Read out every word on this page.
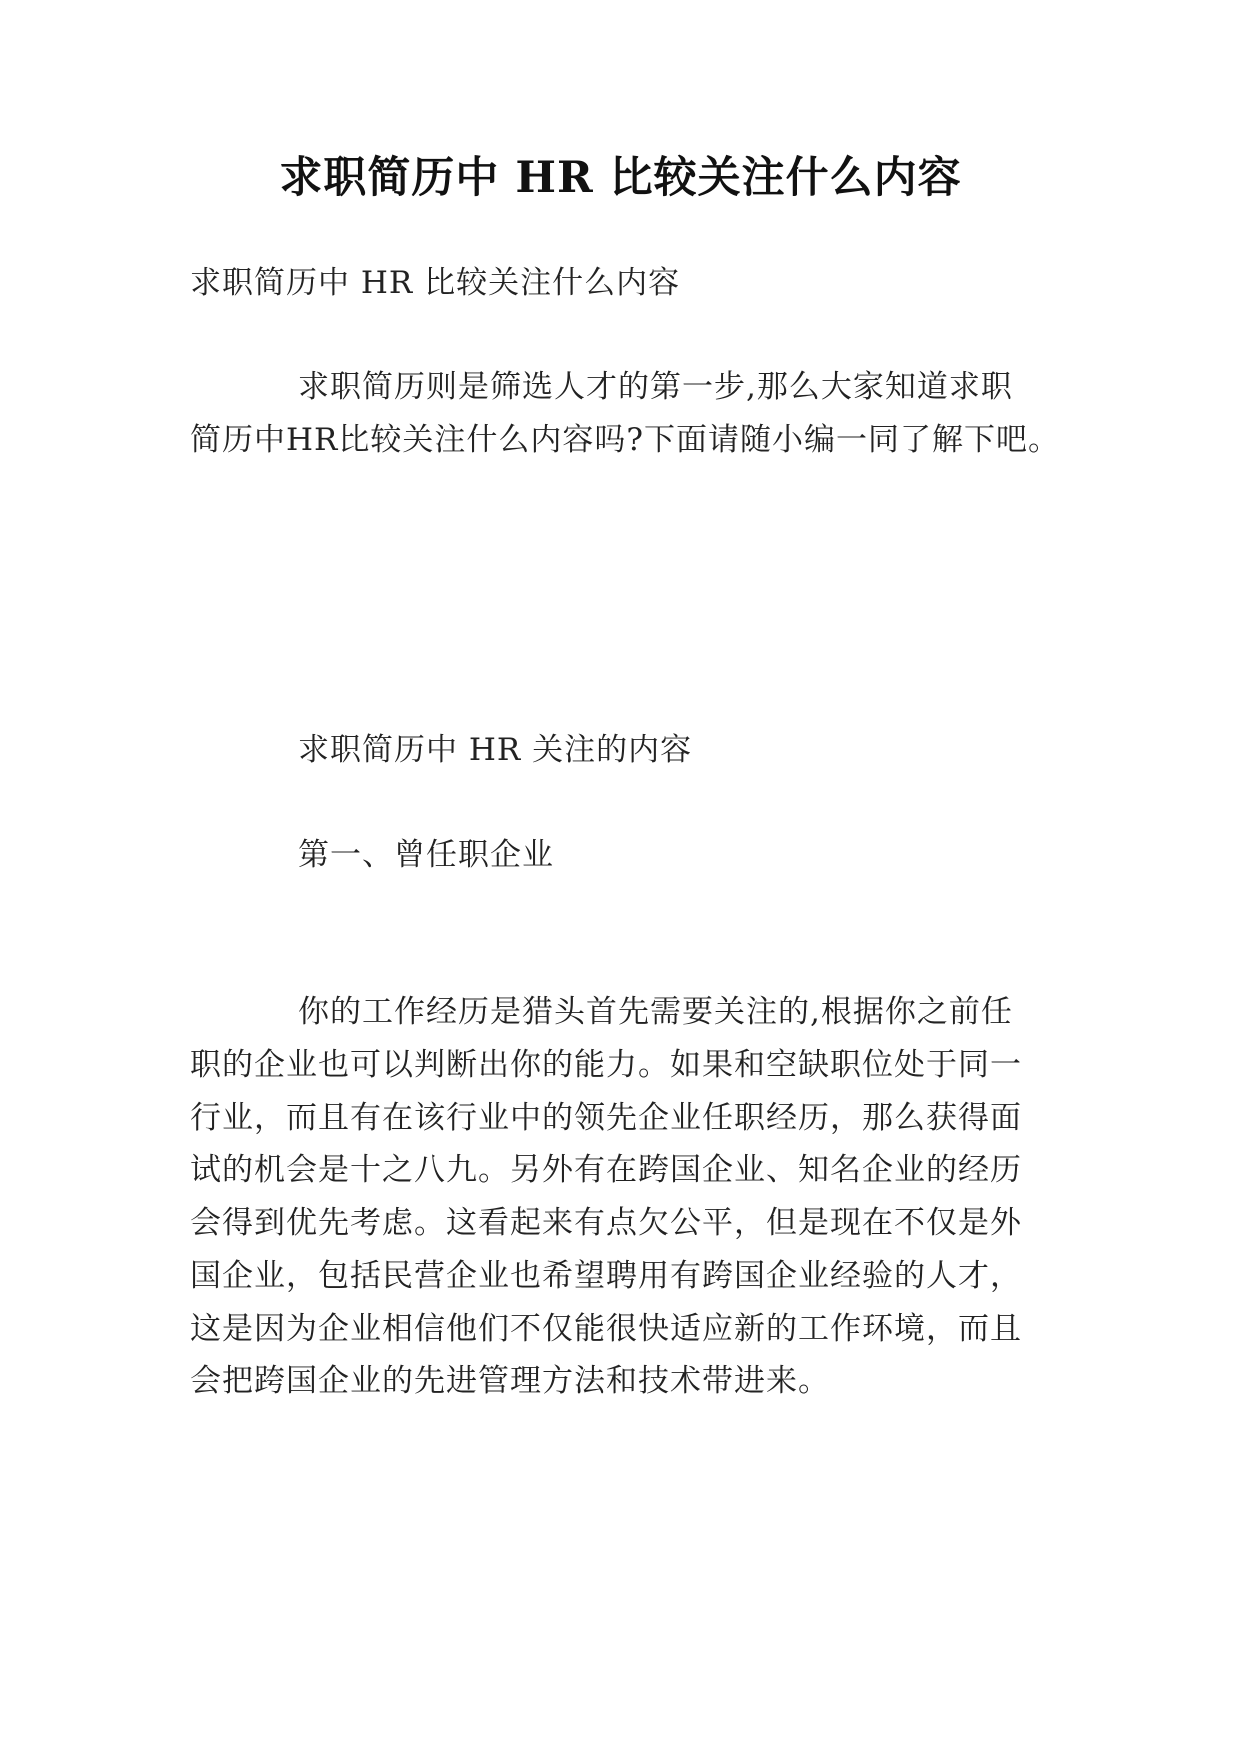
求职简历中 HR 比较关注什么内容
求职简历中 HR 比较关注什么内容
求职简历则是筛选人才的第一步,那么大家知道求职
简历中HR比较关注什么内容吗?下面请随小编一同了解下吧。
求职简历中 HR 关注的内容
第一、曾任职企业
你的工作经历是猎头首先需要关注的,根据你之前任
职的企业也可以判断出你的能力。如果和空缺职位处于同一
行业，而且有在该行业中的领先企业任职经历，那么获得面
试的机会是十之八九。另外有在跨国企业、知名企业的经历
会得到优先考虑。这看起来有点欠公平，但是现在不仅是外
国企业，包括民营企业也希望聘用有跨国企业经验的人才，
这是因为企业相信他们不仅能很快适应新的工作环境，而且
会把跨国企业的先进管理方法和技术带进来。
